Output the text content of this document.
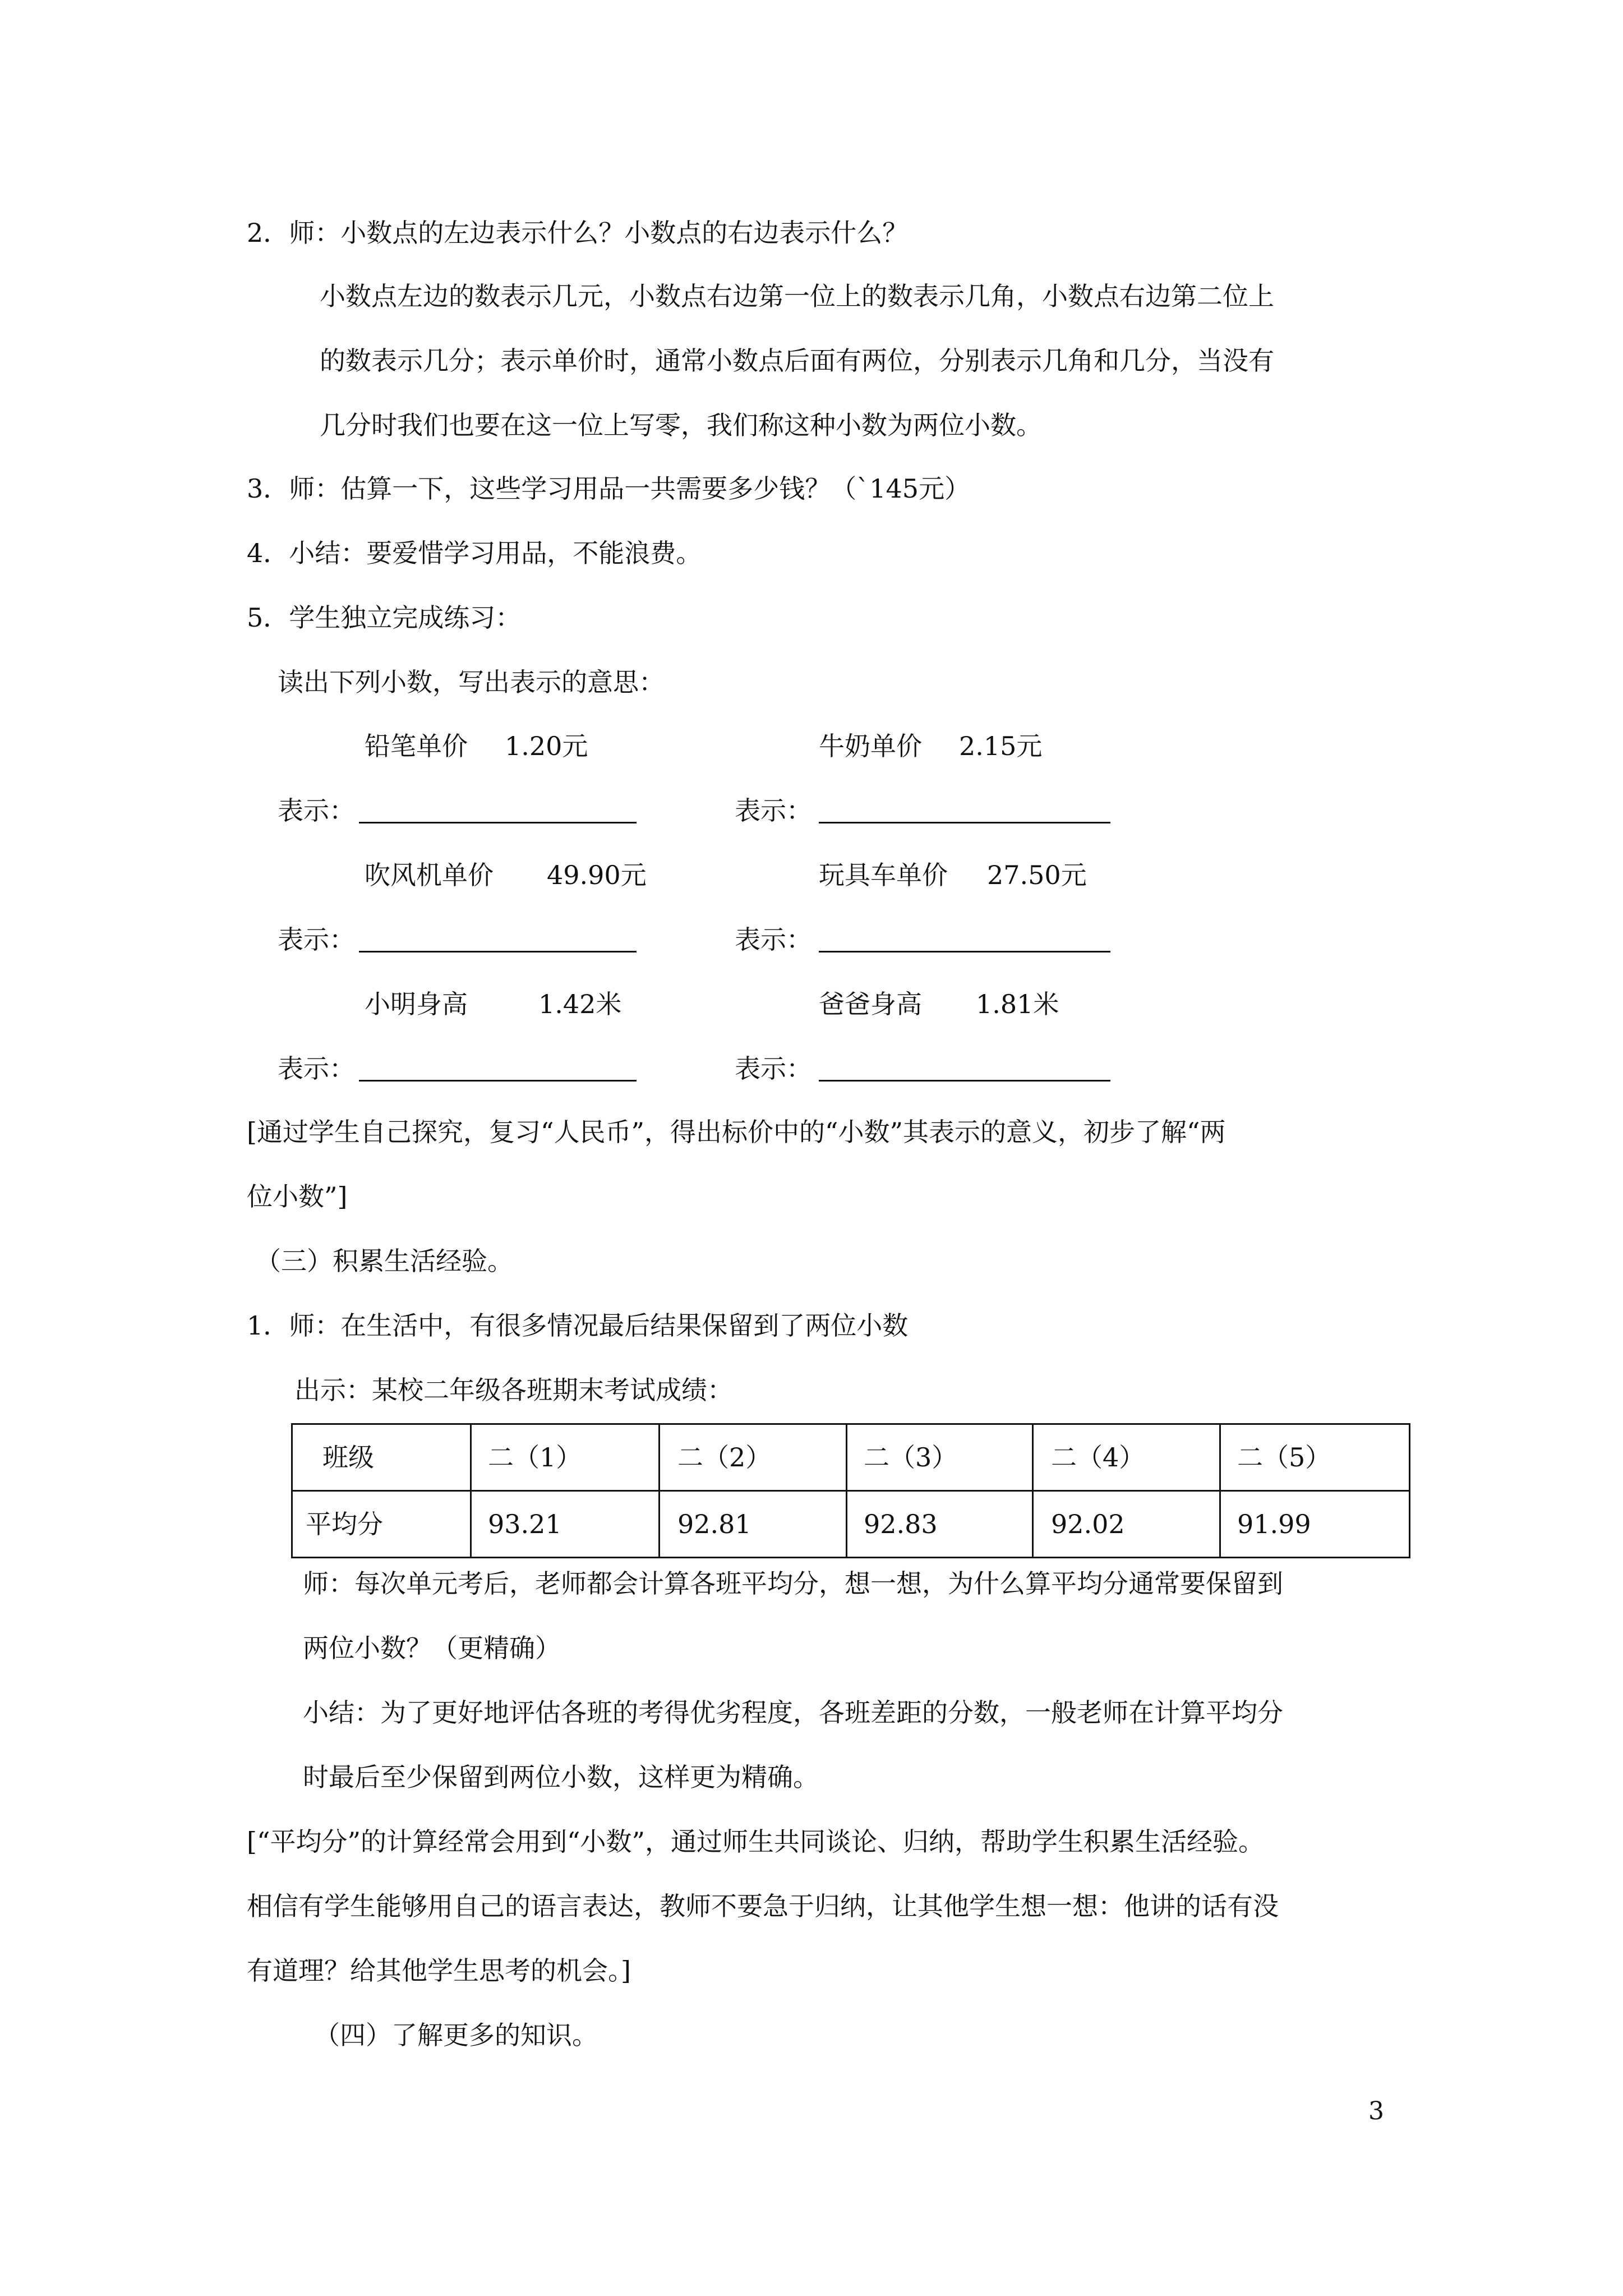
2．师：小数点的左边表示什么？小数点的右边表示什么？
小数点左边的数表示几元，小数点右边第一位上的数表示几角，小数点右边第二位上
的数表示几分；表示单价时，通常小数点后面有两位，分别表示几角和几分，当没有
几分时我们也要在这一位上写零，我们称这种小数为两位小数。
3．师：估算一下，这些学习用品一共需要多少钱？（`145元）
4．小结：要爱惜学习用品，不能浪费。
5．学生独立完成练习：
读出下列小数，写出表示的意思：
铅笔单价 1.20元	牛奶单价 2.15元
表示：	表示：
吹风机单价 49.90元	玩具车单价 27.50元
表示：	表示：
小明身高	1.42米	爸爸身高 1.81米
表示：	表示：
[通过学生自己探究，复习“人民币”，得出标价中的“小数”其表示的意义，初步了解“两
位小数”]
（三）积累生活经验。
1．师：在生活中，有很多情况最后结果保留到了两位小数
出示：某校二年级各班期末考试成绩：
班级	二（1）	二（2）	二（3）	二（4）	二（5）
平均分	93.21	92.81	92.83	92.02	91.99
师：每次单元考后，老师都会计算各班平均分，想一想，为什么算平均分通常要保留到
两位小数？（更精确）
小结：为了更好地评估各班的考得优劣程度，各班差距的分数，一般老师在计算平均分
时最后至少保留到两位小数，这样更为精确。
[“平均分”的计算经常会用到“小数”，通过师生共同谈论、归纳，帮助学生积累生活经验。
相信有学生能够用自己的语言表达，教师不要急于归纳，让其他学生想一想：他讲的话有没
有道理？给其他学生思考的机会。]
（四）了解更多的知识。
3
